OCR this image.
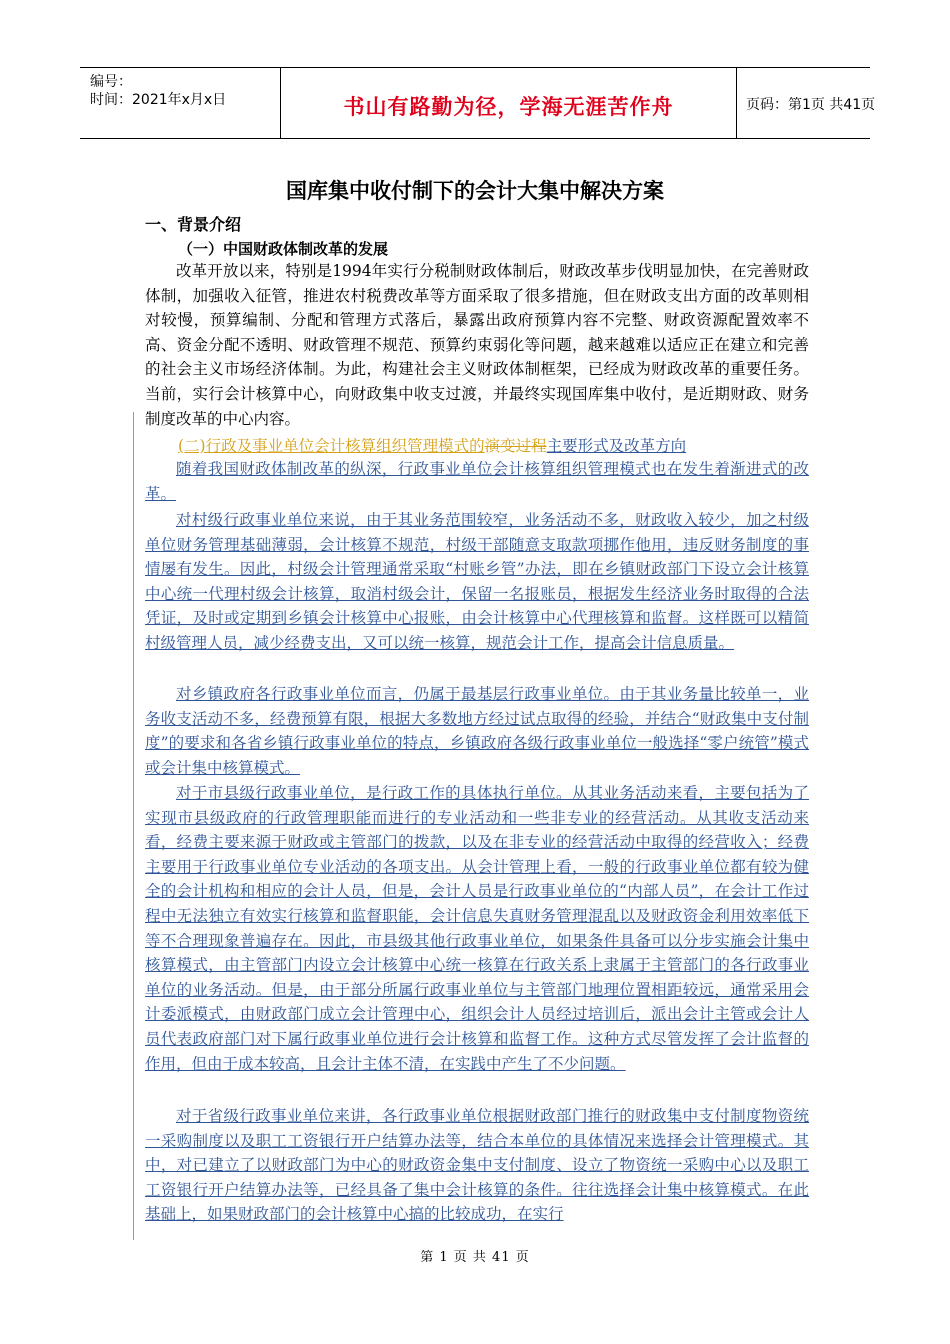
编号：
时间：2021年x月x日	书山有路勤为径，学海无涯苦作舟	页码：第1页 共41页
国库集中收付制下的会计大集中解决方案
一、背景介绍
（一）中国财政体制改革的发展
改革开放以来，特别是1994年实行分税制财政体制后，财政改革步伐明显加快，在完善财政体制，加强收入征管，推进农村税费改革等方面采取了很多措施，但在财政支出方面的改革则相对较慢，预算编制、分配和管理方式落后，暴露出政府预算内容不完整、财政资源配置效率不高、资金分配不透明、财政管理不规范、预算约束弱化等问题，越来越难以适应正在建立和完善的社会主义市场经济体制。为此，构建社会主义财政体制框架，已经成为财政改革的重要任务。当前，实行会计核算中心，向财政集中收支过渡，并最终实现国库集中收付，是近期财政、财务制度改革的中心内容。
(二)行政及事业单位会计核算组织管理模式的演变过程主要形式及改革方向
随着我国财政体制改革的纵深，行政事业单位会计核算组织管理模式也在发生着渐进式的改革。
对村级行政事业单位来说，由于其业务范围较窄，业务活动不多，财政收入较少，加之村级单位财务管理基础薄弱，会计核算不规范，村级干部随意支取款项挪作他用，违反财务制度的事情屡有发生。因此，村级会计管理通常采取“村账乡管”办法，即在乡镇财政部门下设立会计核算中心统一代理村级会计核算，取消村级会计，保留一名报账员，根据发生经济业务时取得的合法凭证，及时或定期到乡镇会计核算中心报账，由会计核算中心代理核算和监督。这样既可以精简村级管理人员，减少经费支出，又可以统一核算，规范会计工作，提高会计信息质量。
对乡镇政府各行政事业单位而言，仍属于最基层行政事业单位。由于其业务量比较单一，业务收支活动不多，经费预算有限，根据大多数地方经过试点取得的经验，并结合“财政集中支付制度”的要求和各省乡镇行政事业单位的特点，乡镇政府各级行政事业单位一般选择“零户统管”模式或会计集中核算模式。
对于市县级行政事业单位，是行政工作的具体执行单位。从其业务活动来看，主要包括为了实现市县级政府的行政管理职能而进行的专业活动和一些非专业的经营活动。从其收支活动来看，经费主要来源于财政或主管部门的拨款，以及在非专业的经营活动中取得的经营收入；经费主要用于行政事业单位专业活动的各项支出。从会计管理上看，一般的行政事业单位都有较为健全的会计机构和相应的会计人员，但是，会计人员是行政事业单位的“内部人员”，在会计工作过程中无法独立有效实行核算和监督职能，会计信息失真财务管理混乱以及财政资金利用效率低下等不合理现象普遍存在。因此，市县级其他行政事业单位，如果条件具备可以分步实施会计集中核算模式，由主管部门内设立会计核算中心统一核算在行政关系上隶属于主管部门的各行政事业单位的业务活动。但是，由于部分所属行政事业单位与主管部门地理位置相距较远，通常采用会计委派模式，由财政部门成立会计管理中心，组织会计人员经过培训后，派出会计主管或会计人员代表政府部门对下属行政事业单位进行会计核算和监督工作。这种方式尽管发挥了会计监督的作用，但由于成本较高，且会计主体不清，在实践中产生了不少问题。
对于省级行政事业单位来讲，各行政事业单位根据财政部门推行的财政集中支付制度物资统一采购制度以及职工工资银行开户结算办法等，结合本单位的具体情况来选择会计管理模式。其中，对已建立了以财政部门为中心的财政资金集中支付制度、设立了物资统一采购中心以及职工工资银行开户结算办法等，已经具备了集中会计核算的条件。往往选择会计集中核算模式。在此基础上，如果财政部门的会计核算中心搞的比较成功，在实行
第 1 页 共 41 页
